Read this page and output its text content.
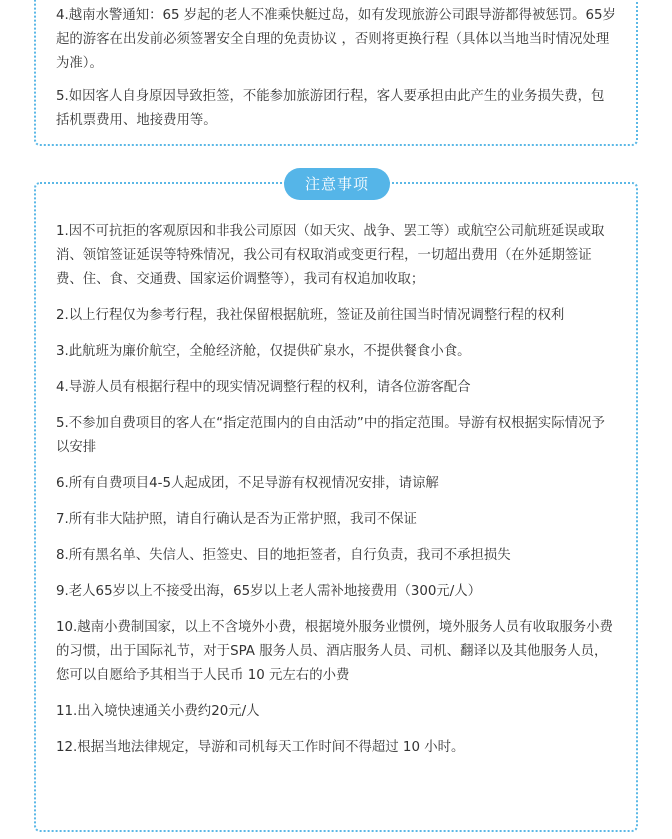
4.越南水警通知：65 岁起的老人不准乘快艇过岛，如有发现旅游公司跟导游都得被惩罚。65岁起的游客在出发前必须签署安全自理的免责协议 ，否则将更换行程（具体以当地当时情况处理为准）。

5.如因客人自身原因导致拒签，不能参加旅游团行程，客人要承担由此产生的业务损失费，包括机票费用、地接费用等。

注意事项

1.因不可抗拒的客观原因和非我公司原因（如天灾、战争、罢工等）或航空公司航班延误或取消、领馆签证延误等特殊情况，我公司有权取消或变更行程，一切超出费用（在外延期签证费、住、食、交通费、国家运价调整等），我司有权追加收取；

2.以上行程仅为参考行程，我社保留根据航班，签证及前往国当时情况调整行程的权利

3.此航班为廉价航空，全舱经济舱，仅提供矿泉水，不提供餐食小食。

4.导游人员有根据行程中的现实情况调整行程的权利，请各位游客配合

5.不参加自费项目的客人在“指定范围内的自由活动”中的指定范围。导游有权根据实际情况予以安排

6.所有自费项目4-5人起成团，不足导游有权视情况安排，请谅解

7.所有非大陆护照，请自行确认是否为正常护照，我司不保证

8.所有黑名单、失信人、拒签史、目的地拒签者，自行负责，我司不承担损失

9.老人65岁以上不接受出海，65岁以上老人需补地接费用（300元/人）

10.越南小费制国家，以上不含境外小费，根据境外服务业惯例，境外服务人员有收取服务小费的习惯，出于国际礼节，对于SPA 服务人员、酒店服务人员、司机、翻译以及其他服务人员，您可以自愿给予其相当于人民币 10 元左右的小费

11.出入境快速通关小费约20元/人

12.根据当地法律规定，导游和司机每天工作时间不得超过 10 小时。
